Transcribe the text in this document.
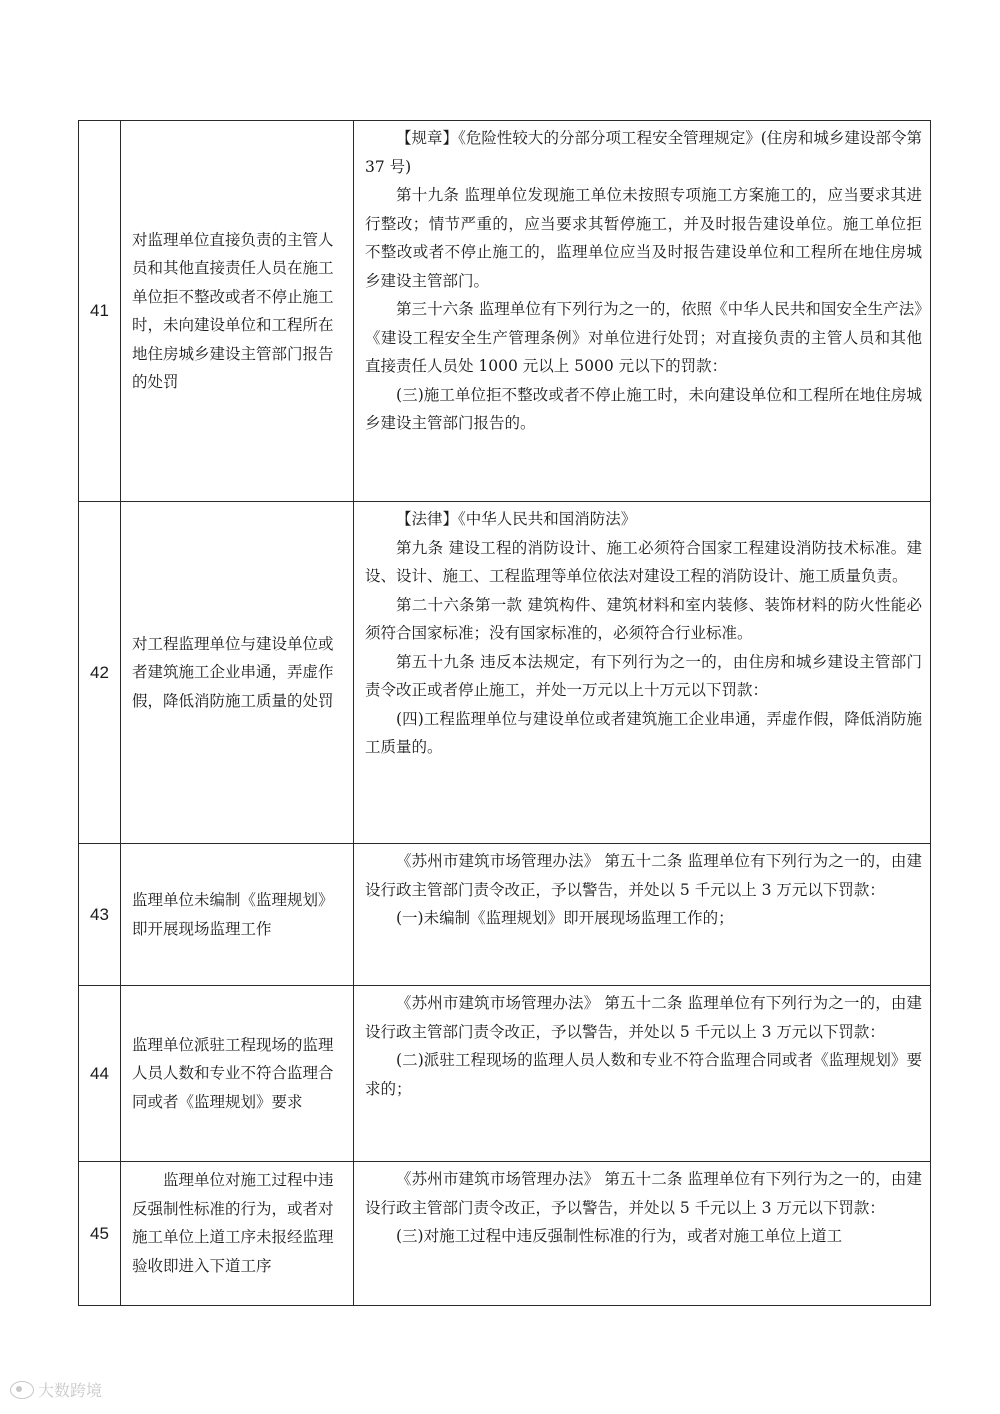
41	对监理单位直接负责的主管人员和其他直接责任人员在施工单位拒不整改或者不停止施工时，未向建设单位和工程所在地住房城乡建设主管部门报告的处罚	【规章】《危险性较大的分部分项工程安全管理规定》(住房和城乡建设部令第 37 号)

第十九条 监理单位发现施工单位未按照专项施工方案施工的，应当要求其进行整改；情节严重的，应当要求其暂停施工，并及时报告建设单位。施工单位拒不整改或者不停止施工的，监理单位应当及时报告建设单位和工程所在地住房城乡建设主管部门。

第三十六条 监理单位有下列行为之一的，依照《中华人民共和国安全生产法》《建设工程安全生产管理条例》对单位进行处罚；对直接负责的主管人员和其他直接责任人员处 1000 元以上 5000 元以下的罚款：

(三)施工单位拒不整改或者不停止施工时，未向建设单位和工程所在地住房城乡建设主管部门报告的。

42	对工程监理单位与建设单位或者建筑施工企业串通，弄虚作假，降低消防施工质量的处罚	【法律】《中华人民共和国消防法》

第九条 建设工程的消防设计、施工必须符合国家工程建设消防技术标准。建设、设计、施工、工程监理等单位依法对建设工程的消防设计、施工质量负责。

第二十六条第一款 建筑构件、建筑材料和室内装修、装饰材料的防火性能必须符合国家标准；没有国家标准的，必须符合行业标准。

第五十九条 违反本法规定，有下列行为之一的，由住房和城乡建设主管部门责令改正或者停止施工，并处一万元以上十万元以下罚款：

(四)工程监理单位与建设单位或者建筑施工企业串通，弄虚作假，降低消防施工质量的。

43	监理单位未编制《监理规划》即开展现场监理工作	《苏州市建筑市场管理办法》 第五十二条 监理单位有下列行为之一的，由建设行政主管部门责令改正，予以警告，并处以 5 千元以上 3 万元以下罚款：

(一)未编制《监理规划》即开展现场监理工作的；

44	监理单位派驻工程现场的监理人员人数和专业不符合监理合同或者《监理规划》要求	《苏州市建筑市场管理办法》 第五十二条 监理单位有下列行为之一的，由建设行政主管部门责令改正，予以警告，并处以 5 千元以上 3 万元以下罚款：

(二)派驻工程现场的监理人员人数和专业不符合监理合同或者《监理规划》要求的；

45	监理单位对施工过程中违反强制性标准的行为，或者对施工单位上道工序未报经监理验收即进入下道工序	《苏州市建筑市场管理办法》 第五十二条 监理单位有下列行为之一的，由建设行政主管部门责令改正，予以警告，并处以 5 千元以上 3 万元以下罚款：

(三)对施工过程中违反强制性标准的行为，或者对施工单位上道工

大数跨境
